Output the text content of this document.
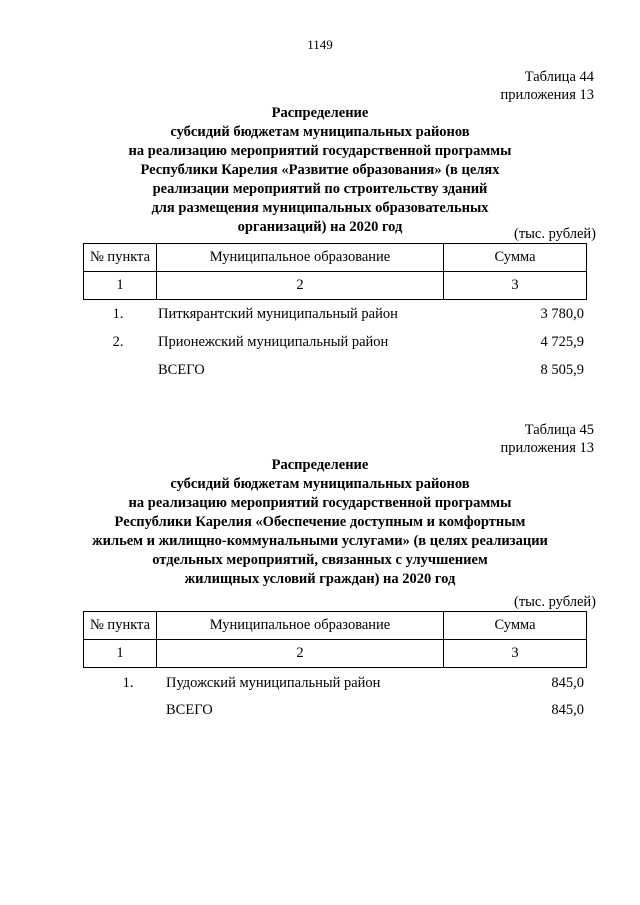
1149
Таблица 44
приложения 13
Распределение
субсидий бюджетам муниципальных районов
на реализацию мероприятий государственной программы
Республики Карелия «Развитие образования» (в целях
реализации мероприятий по строительству зданий
для размещения муниципальных образовательных
организаций) на 2020 год	(тыс. рублей)
№ пункта	Муниципальное образование	Сумма
1	2	3
1.	Питкярантский муниципальный район	3 780,0
2.	Прионежский муниципальный район	4 725,9
ВСЕГО	8 505,9
Таблица 45
приложения 13
Распределение
субсидий бюджетам муниципальных районов
на реализацию мероприятий государственной программы
Республики Карелия «Обеспечение доступным и комфортным
жильем и жилищно-коммунальными услугами» (в целях реализации
отдельных мероприятий, связанных с улучшением
жилищных условий граждан) на 2020 год
(тыс. рублей)
№ пункта	Муниципальное образование	Сумма
1	2	3
1.	Пудожский муниципальный район	845,0
ВСЕГО	845,0
